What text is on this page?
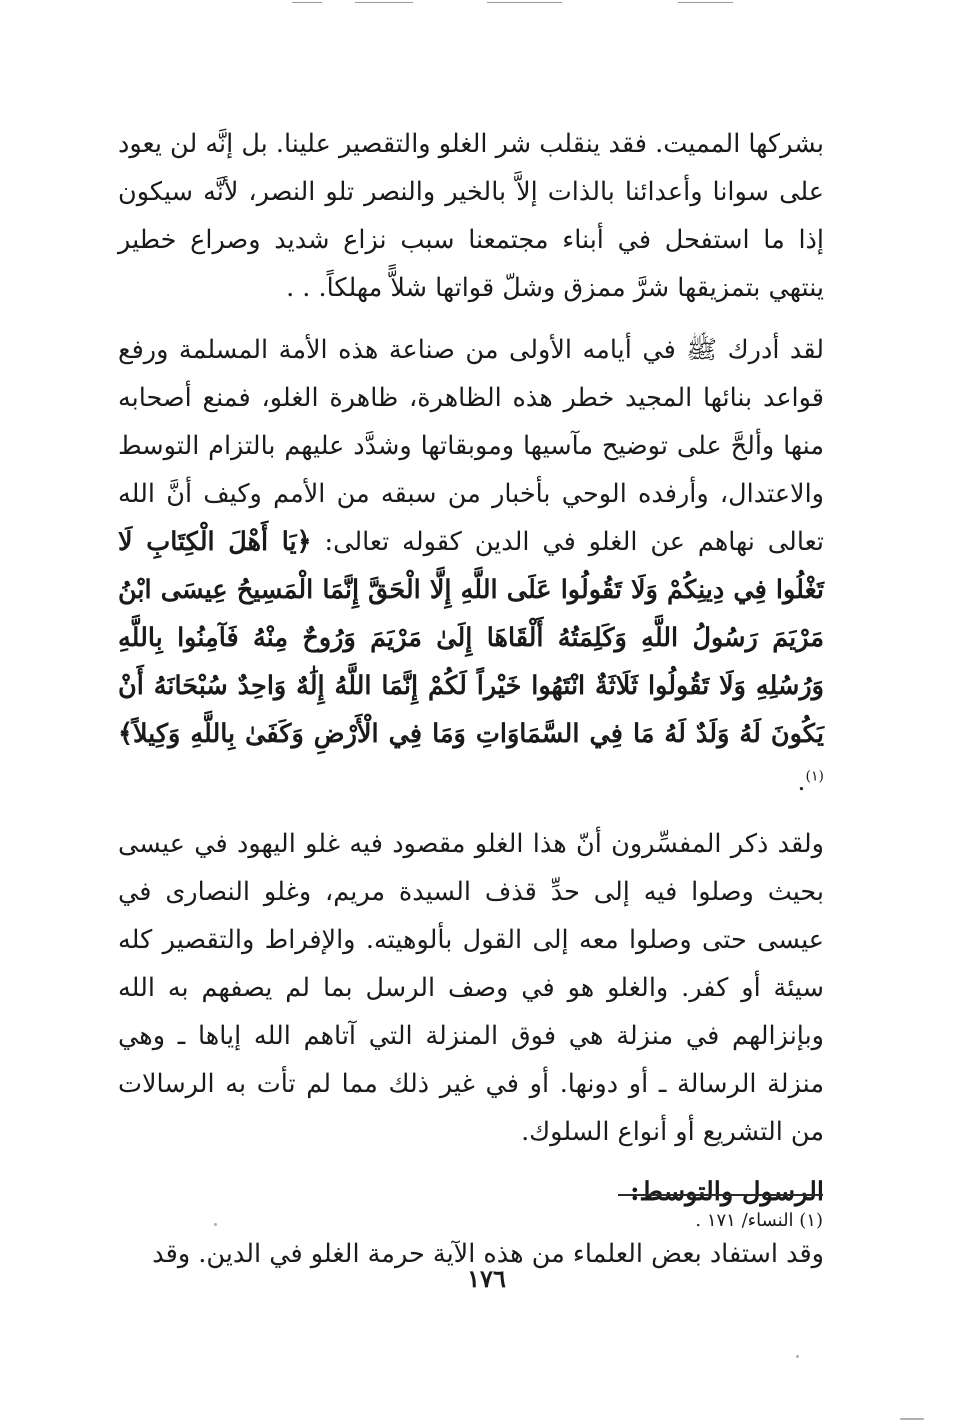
بشركها المميت. فقد ينقلب شر الغلو والتقصير علينا. بل إنَّه لن يعود على سوانا وأعدائنا بالذات إلاَّ بالخير والنصر تلو النصر، لأنَّه سيكون إذا ما استفحل في أبناء مجتمعنا سبب نزاع شديد وصراع خطير ينتهي بتمزيقها شرَّ ممزق وشلّ قواتها شلاًّ مهلكاً. . .

لقد أدرك ﷺ في أيامه الأولى من صناعة هذه الأمة المسلمة ورفع قواعد بنائها المجيد خطر هذه الظاهرة، ظاهرة الغلو، فمنع أصحابه منها وألحَّ على توضيح مآسيها وموبقاتها وشدَّد عليهم بالتزام التوسط والاعتدال، وأرفده الوحي بأخبار من سبقه من الأمم وكيف أنَّ الله تعالى نهاهم عن الغلو في الدين كقوله تعالى: ﴿يَا أَهْلَ الْكِتَابِ لَا تَغْلُوا فِي دِينِكُمْ وَلَا تَقُولُوا عَلَى اللَّهِ إِلَّا الْحَقَّ إِنَّمَا الْمَسِيحُ عِيسَى ابْنُ مَرْيَمَ رَسُولُ اللَّهِ وَكَلِمَتُهُ أَلْقَاهَا إِلَىٰ مَرْيَمَ وَرُوحٌ مِنْهُ فَآمِنُوا بِاللَّهِ وَرُسُلِهِ وَلَا تَقُولُوا ثَلَاثَةٌ انْتَهُوا خَيْراً لَكُمْ إِنَّمَا اللَّهُ إِلَٰهٌ وَاحِدٌ سُبْحَانَهُ أَنْ يَكُونَ لَهُ وَلَدٌ لَهُ مَا فِي السَّمَاوَاتِ وَمَا فِي الْأَرْضِ وَكَفَىٰ بِاللَّهِ وَكِيلاً﴾$^{(١)}$.

ولقد ذكر المفسِّرون أنّ هذا الغلو مقصود فيه غلو اليهود في عيسى بحيث وصلوا فيه إلى حدِّ قذف السيدة مريم، وغلو النصارى في عيسى حتى وصلوا معه إلى القول بألوهيته. والإفراط والتقصير كله سيئة أو كفر. والغلو هو في وصف الرسل بما لم يصفهم به الله وبإنزالهم في منزلة هي فوق المنزلة التي آتاهم الله إياها ـ وهي منزلة الرسالة ـ أو دونها. أو في غير ذلك مما لم تأت به الرسالات من التشريع أو أنواع السلوك.

الرسول والتوسط:

وقد استفاد بعض العلماء من هذه الآية حرمة الغلو في الدين. وقد

(١) النساء/ ١٧١ .
١٧٦
